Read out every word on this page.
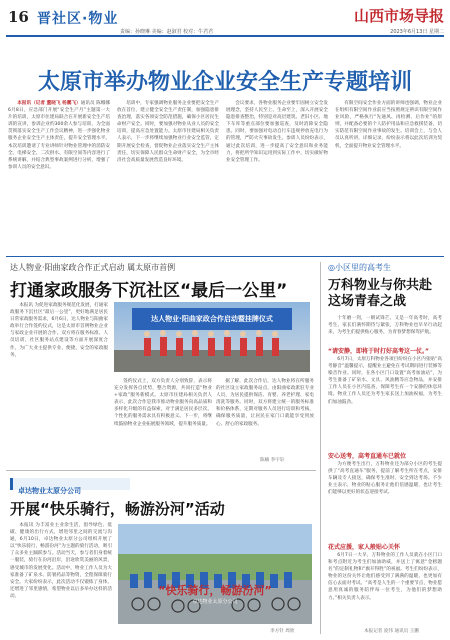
16 晋社区·物业	山西市场导报
责编：孙晓琳 美编：赵淑君 校对：牛君君	2023年6月13日 星期二
太原市举办物业企业安全生产专题培训

本报讯（记者 董晓飞 杨鹏飞）通讯员 陈娜娜 6月8日，应急部门开展“安全生产月”主题第一大片的培训，太原市住建局联合在开展新安全生产培训的宣讲，参训企业约300余人参与培训，为全面贯彻落实安全生产工作会议精神，进一步强化物业服务企业安全生产主体责任，提升安全管理水平。本次培训邀请了专业讲师针对物业管理中的消防安全、电梯安全、二次供水、有限空间等内容进行了系统讲解，并结合典型事故案例进行分析，增强了参训人员的安全意识。

培训中，专家强调物业服务企业要把安全生产放在首位，建立健全安全生产责任制，加强隐患排查治理，落实各项安全防范措施，确保小区居民生命财产安全。同时，要加强对物业从业人员的安全培训，提高应急处置能力。太原市住建局相关负责人表示，下一步将继续加强物业行业安全监管，定期开展安全检查，督促物业企业落实安全生产主体责任，切实保障人民群众生命财产安全，为全市经济社会高质量发展营造良好环境。

会议要求，各物业服务企业要牢固树立安全发展理念，坚持人民至上、生命至上，深入开展安全隐患排查整治，特别是对高层建筑、老旧小区、地下车库等重点部位要加强巡查，及时消除安全隐患。同时，要加强对电动自行车违规停放充电行为的管理，严防火灾事故发生。参训人员纷纷表示，通过此次培训，进一步提高了安全意识和业务能力，将把所学知识运用到实际工作中，切实做好物业安全管理工作。

有限空间安全作业方面的讲师也强调，物业企业在组织有限空间作业前应当按照规定辨识有限空间作业风险，严格执行“先通风、再检测、后作业”的原则，并配备必要的个人防护用品和应急救援装备，切实防范有限空间作业事故的发生。培训会上，与会人员认真听讲，详细记录，纷纷表示将以此次培训为契机，全面提升物业安全管理水平。

达人物业·阳曲家政合作正式启动 属太原市首例
打通家政服务下沉社区“最后一公里”

本报讯 为促进家政服务规范化发展，打通家政服务下沉社区“最后一公里”，更好地满足居民日常家政服务需求，6月6日，达人物业与阳曲家政举行合作签约仪式，这是太原市首例物业企业与家政企业开展的合作。双方将在服务标准、人员培训、社区服务站点建设等方面开展深度合作，为广大业主提供专业、便捷、安全的家政服务。

达人物业·阳曲家政合作启动暨挂牌仪式

签约仪式上，双方负责人分别致辞，表示将充分发挥各自优势，整合资源，共同打造“物业+家政”服务新模式。太原市住建局相关负责人表示，此次合作是我市推动物业服务向高品质和多样化升级的有益探索，对于满足居民多层次、个性化的服务需求具有积极意义。下一步，将继续鼓励物业企业拓展服务领域，提升服务质量。

据了解，此次合作后，达人物业将在所服务的社区设立家政服务站点，由阳曲家政派驻专业人员，为居民提供保洁、育婴、养老护理、家电清洗等服务。同时，双方将建立统一的服务标准和价格体系，定期对服务人员进行培训和考核，确保服务质量，让居民在家门口就能享受到放心、舒心的家政服务。

陈楠 李宇轩
卓达物业太原分公司
开展“快乐骑行，畅游汾河”活动

本报讯 为丰富业主业余生活，倡导绿色、低碳、健康的出行方式，增进邻里之间的交流与沟通，6月10日，卓达物业太原分公司组织开展了以“快乐骑行，畅游汾河”为主题的骑行活动，吸引了众多业主踊跃参与。活动当天，参与者们身着统一服装，骑行在汾河沿岸，沿途欣赏美丽的风景，感受城市的发展变化。活动中，物业工作人员为大家准备了矿泉水、防暑药品等物资，全程保障骑行安全。大家纷纷表示，此次活动不仅锻炼了身体，还增进了邻里感情，希望物业以后多举办这样的活动。	“快乐骑行，畅游汾河”
卓达物业太原分公司
李方针 周欣
◎小区里的高考生
万科物业与你共赴这场青春之战

十年磨一剑，一朝试锋芒。又是一年高考时，高考考生、家长们满怀期待与紧张，万科物业也早早行动起来，为考生们提供贴心服务，为青春梦想保驾护航。

“请安静，即将于时打好高考这一仗。”

6月7日，太原万科物业各项目纷纷在小区内张贴“高考静音”温馨提示，提醒业主避免在考试期间进行装修等噪音作业。同时，在各小区门口设置“高考加油站”，为考生准备了矿泉水、文具、风油精等应急物品，并安排工作人员在小区内巡查，保障考生有一个安静的休息环境。物业工作人员还为考生家长送上加油祝福，为考生们加油鼓劲。

安心送考，高考直通车已就位

为方便考生出行，万科物业还为部分小区的考生提供了“高考直通车”服务，提前了解考生所在考点，安排车辆及专人接送，确保考生准时、安全到达考场。不少业主表示，物业的贴心服务让他们倍感温暖，也让考生们能够以更好的状态迎接考试。

花式应援，家人般贴心关怀

6月7日一大早，万科物业的工作人员就在小区门口和考点附近为考生们加油助威，并送上了寓意“金榜题名”的定制礼物和“旗开得胜”的祝福。考生们纷纷表示，物业的这份关怀让他们感受到了满满的温暖，也更加有信心去面对考试。“高考是人生的一个重要节点，物业愿意用真诚的服务陪伴每一位考生，为他们的梦想助力。”相关负责人表示。

本报记者 庞伟 通讯员 王鹏
